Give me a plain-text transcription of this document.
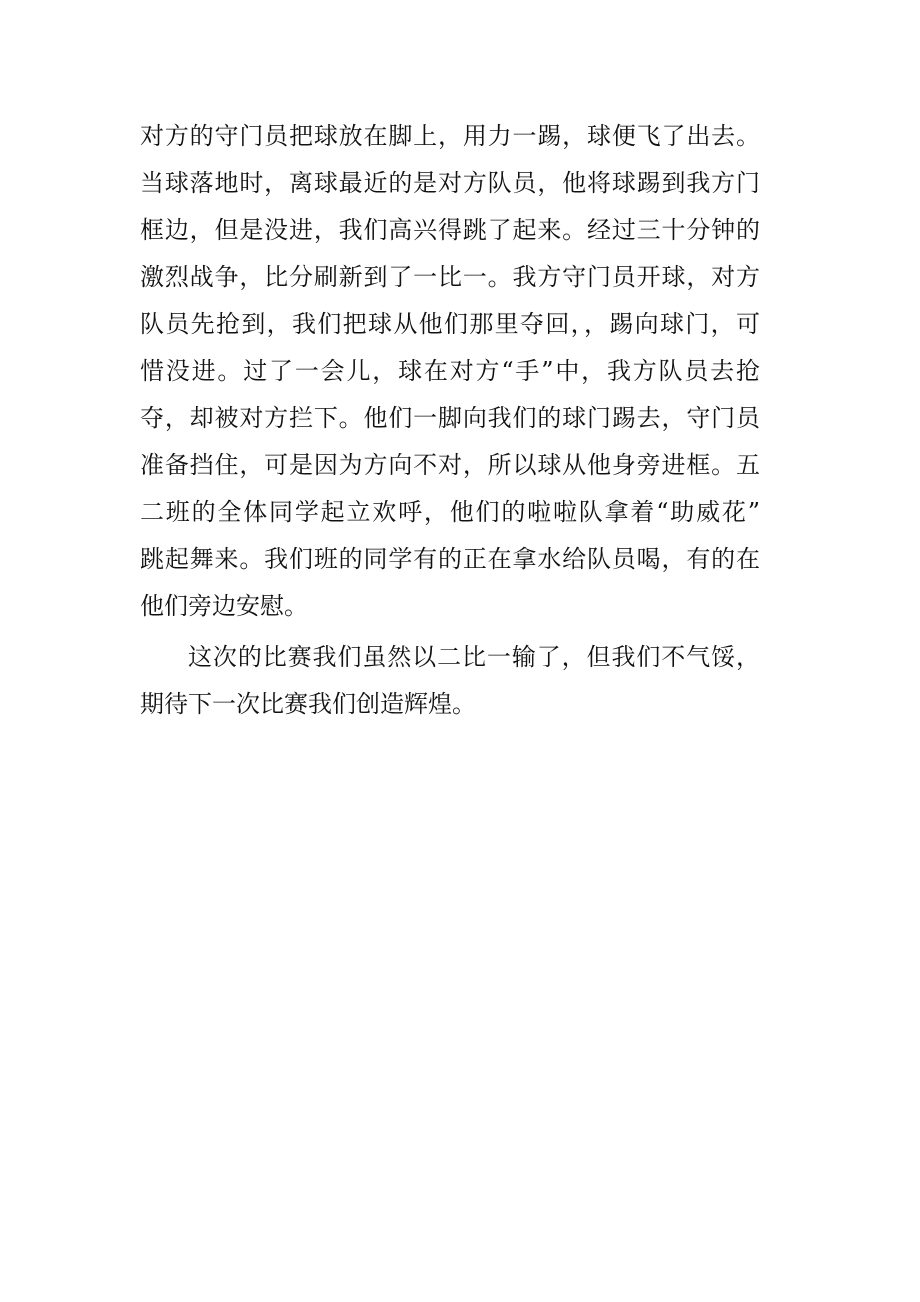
对方的守门员把球放在脚上，用力一踢，球便飞了出去。
当球落地时，离球最近的是对方队员，他将球踢到我方门
框边，但是没进，我们高兴得跳了起来。经过三十分钟的
激烈战争，比分刷新到了一比一。我方守门员开球，对方
队员先抢到，我们把球从他们那里夺回，，踢向球门，可
惜没进。过了一会儿，球在对方“手”中，我方队员去抢
夺，却被对方拦下。他们一脚向我们的球门踢去，守门员
准备挡住，可是因为方向不对，所以球从他身旁进框。五
二班的全体同学起立欢呼，他们的啦啦队拿着“助威花”
跳起舞来。我们班的同学有的正在拿水给队员喝，有的在
他们旁边安慰。
这次的比赛我们虽然以二比一输了，但我们不气馁，
期待下一次比赛我们创造辉煌。
